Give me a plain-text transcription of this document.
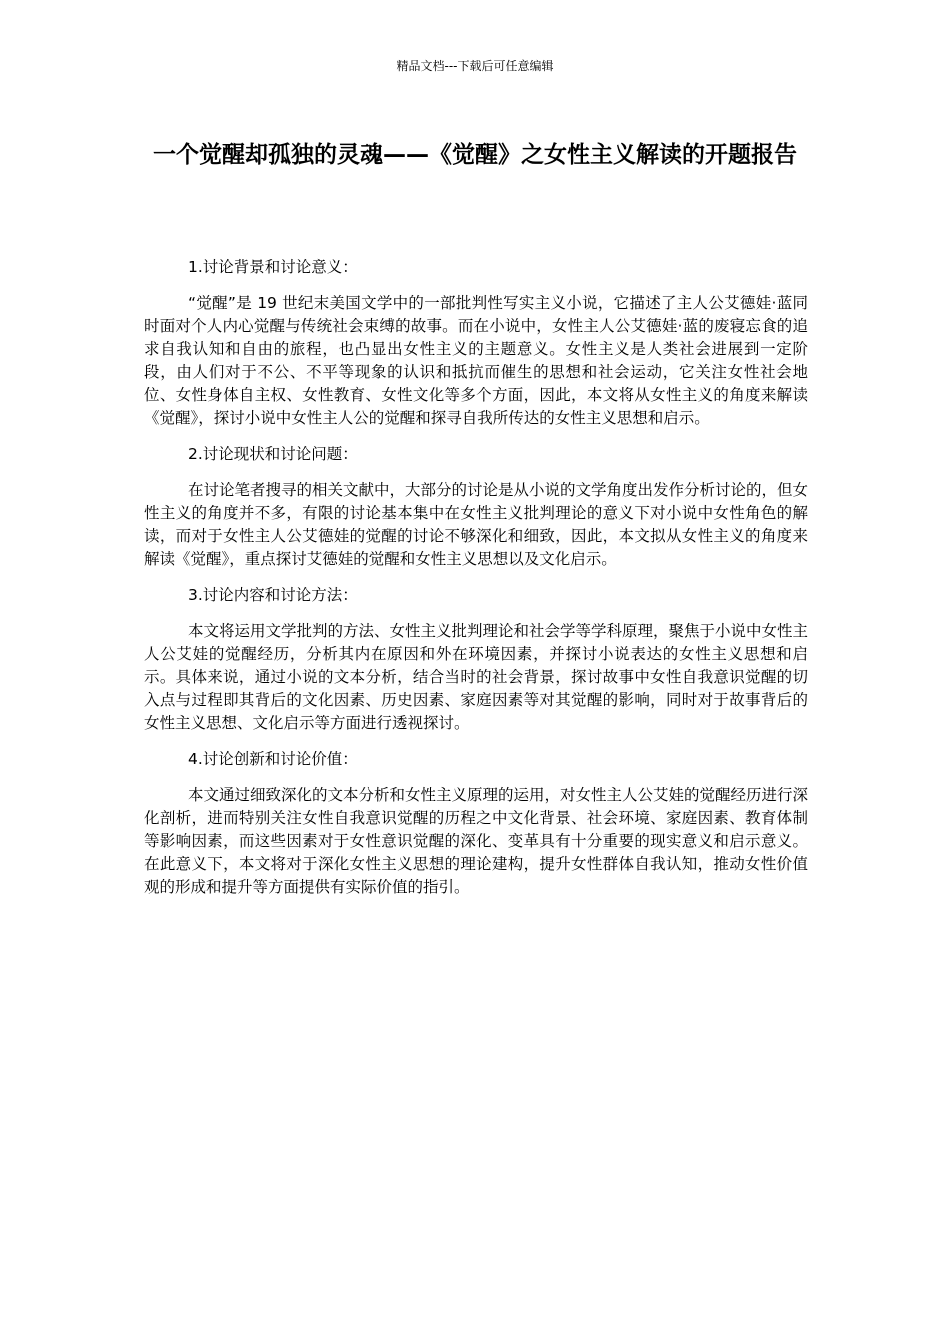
精品文档---下载后可任意编辑
一个觉醒却孤独的灵魂——《觉醒》之女性主义解读的开题报告

1.讨论背景和讨论意义：

“觉醒”是 19 世纪末美国文学中的一部批判性写实主义小说，它描述了主人公艾德娃·蓝同时面对个人内心觉醒与传统社会束缚的故事。而在小说中，女性主人公艾德娃·蓝的废寝忘食的追求自我认知和自由的旅程，也凸显出女性主义的主题意义。女性主义是人类社会进展到一定阶段，由人们对于不公、不平等现象的认识和抵抗而催生的思想和社会运动，它关注女性社会地位、女性身体自主权、女性教育、女性文化等多个方面，因此，本文将从女性主义的角度来解读《觉醒》，探讨小说中女性主人公的觉醒和探寻自我所传达的女性主义思想和启示。

2.讨论现状和讨论问题：

在讨论笔者搜寻的相关文献中，大部分的讨论是从小说的文学角度出发作分析讨论的，但女性主义的角度并不多，有限的讨论基本集中在女性主义批判理论的意义下对小说中女性角色的解读，而对于女性主人公艾德娃的觉醒的讨论不够深化和细致，因此，本文拟从女性主义的角度来解读《觉醒》，重点探讨艾德娃的觉醒和女性主义思想以及文化启示。

3.讨论内容和讨论方法：

本文将运用文学批判的方法、女性主义批判理论和社会学等学科原理，聚焦于小说中女性主人公艾娃的觉醒经历，分析其内在原因和外在环境因素，并探讨小说表达的女性主义思想和启示。具体来说，通过小说的文本分析，结合当时的社会背景，探讨故事中女性自我意识觉醒的切入点与过程即其背后的文化因素、历史因素、家庭因素等对其觉醒的影响，同时对于故事背后的女性主义思想、文化启示等方面进行透视探讨。

4.讨论创新和讨论价值：

本文通过细致深化的文本分析和女性主义原理的运用，对女性主人公艾娃的觉醒经历进行深化剖析，进而特别关注女性自我意识觉醒的历程之中文化背景、社会环境、家庭因素、教育体制等影响因素，而这些因素对于女性意识觉醒的深化、变革具有十分重要的现实意义和启示意义。在此意义下，本文将对于深化女性主义思想的理论建构，提升女性群体自我认知，推动女性价值观的形成和提升等方面提供有实际价值的指引。
